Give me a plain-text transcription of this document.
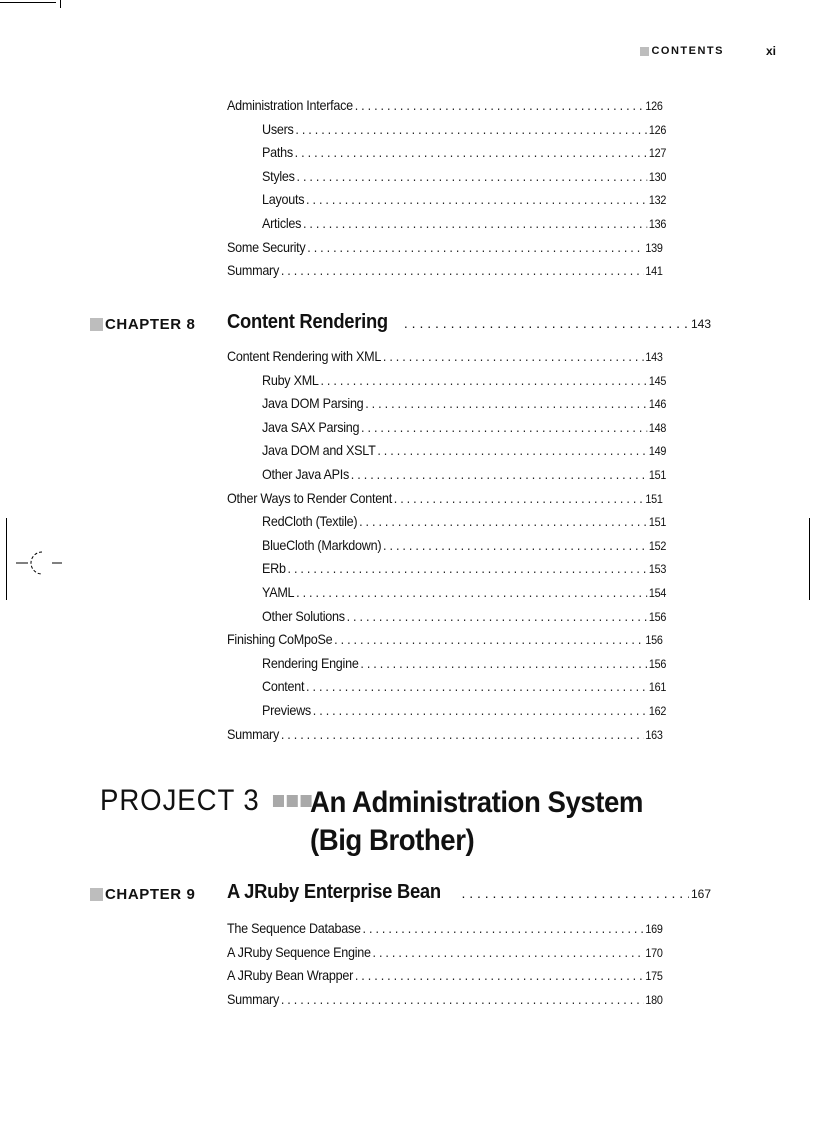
CONTENTS	xi
Administration Interface . . .	126
Users . . .	126
Paths . . .	127
Styles . . .	130
Layouts . . .	132
Articles . . .	136
Some Security . . .	139
Summary . . .	141
CHAPTER 8 Content Rendering . . .	143
Content Rendering with XML . . .	143
Ruby XML . . .	145
Java DOM Parsing . . .	146
Java SAX Parsing . . .	148
Java DOM and XSLT . . .	149
Other Java APIs . . .	151
Other Ways to Render Content . . .	151
RedCloth (Textile) . . .	151
BlueCloth (Markdown) . . .	152
ERb . . .	153
YAML . . .	154
Other Solutions . . .	156
Finishing CoMpoSe . . .	156
Rendering Engine . . .	156
Content . . .	161
Previews . . .	162
Summary . . .	163
PROJECT 3 An Administration System
(Big Brother)
CHAPTER 9 A JRuby Enterprise Bean . . .	167
The Sequence Database . . .	169
A JRuby Sequence Engine . . .	170
A JRuby Bean Wrapper . . .	175
Summary . . .	180
